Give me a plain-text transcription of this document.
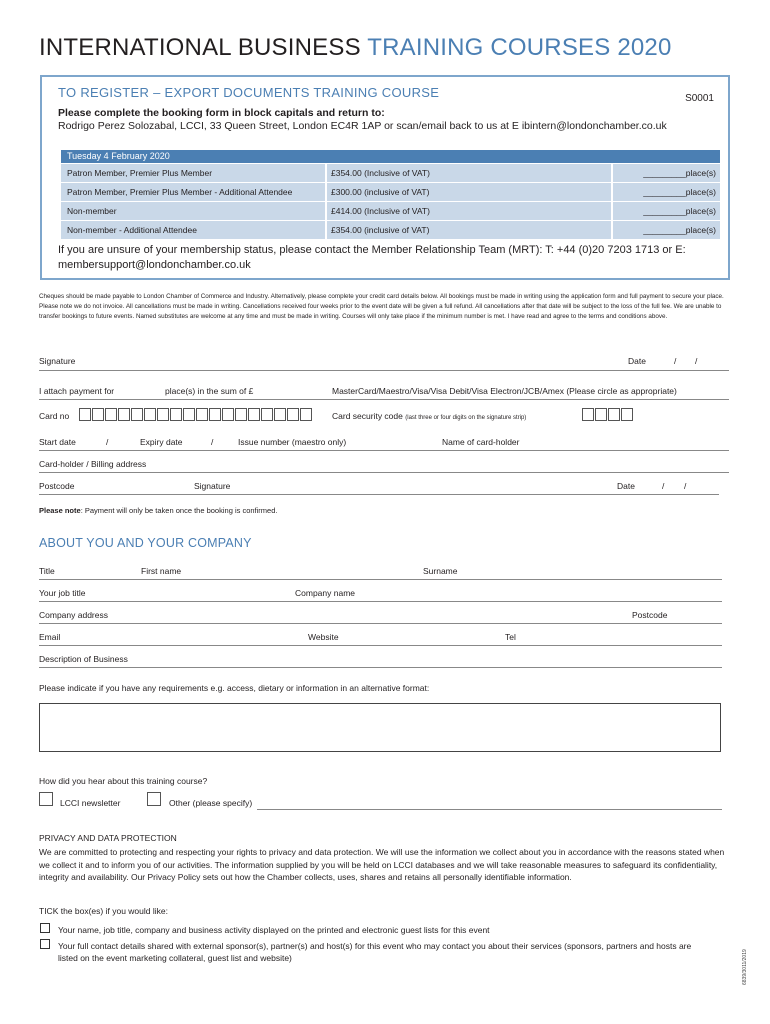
INTERNATIONAL BUSINESS TRAINING COURSES 2020
TO REGISTER – EXPORT DOCUMENTS TRAINING COURSE	S0001
Please complete the booking form in block capitals and return to:
Rodrigo Perez Solozabal, LCCI, 33 Queen Street, London EC4R 1AP or scan/email back to us at E ibintern@londonchamber.co.uk
Tuesday 4 February 2020
Patron Member, Premier Plus Member	£354.00 (Inclusive of VAT)	_________place(s)
Patron Member, Premier Plus Member - Additional Attendee	£300.00 (inclusive of VAT)	_________place(s)
Non-member	£414.00 (Inclusive of VAT)	_________place(s)
Non-member - Additional Attendee	£354.00 (inclusive of VAT)	_________place(s)
If you are unsure of your membership status, please contact the Member Relationship Team (MRT): T: +44 (0)20 7203 1713 or E: membersupport@londonchamber.co.uk
Cheques should be made payable to London Chamber of Commerce and Industry. Alternatively, please complete your credit card details below. All bookings must be made in writing using the application form and full payment to secure your place. Please note we do not invoice. All cancellations must be made in writing. Cancellations received four weeks prior to the event date will be given a full refund. All cancellations after that date will be subject to the loss of the full fee. We are unable to transfer bookings to future events. Named substitutes are welcome at any time and must be made in writing. Courses will only take place if the minimum number is met. I have read and agree to the terms and conditions above.
Signature	Date	/ /
I attach payment for	place(s) in the sum of £	MasterCard/Maestro/Visa/Visa Debit/Visa Electron/JCB/Amex (Please circle as appropriate)
Card no	Card security code (last three or four digits on the signature strip)
Start date	/	Expiry date	/	Issue number (maestro only)	Name of card-holder
Card-holder / Billing address
Postcode	Signature	Date	/ /
Please note: Payment will only be taken once the booking is confirmed.
ABOUT YOU AND YOUR COMPANY
Title	First name	Surname
Your job title	Company name
Company address	Postcode
Email	Website	Tel
Description of Business
Please indicate if you have any requirements e.g. access, dietary or information in an alternative format:
How did you hear about this training course?
LCCI newsletter	Other (please specify)
PRIVACY AND DATA PROTECTION
We are committed to protecting and respecting your rights to privacy and data protection. We will use the information we collect about you in accordance with the reasons stated when we collect it and to inform you of our activities. The information supplied by you will be held on LCCI databases and we will take reasonable measures to safeguard its confidentiality, integrity and availability. Our Privacy Policy sets out how the Chamber collects, uses, shares and retains all personally identifiable information.
TICK the box(es) if you would like:
Your name, job title, company and business activity displayed on the printed and electronic guest lists for this event
Your full contact details shared with external sponsor(s), partner(s) and host(s) for this event who may contact you about their services (sponsors, partners and hosts are listed on the event marketing collateral, guest list and website)	6839/3011/2019
